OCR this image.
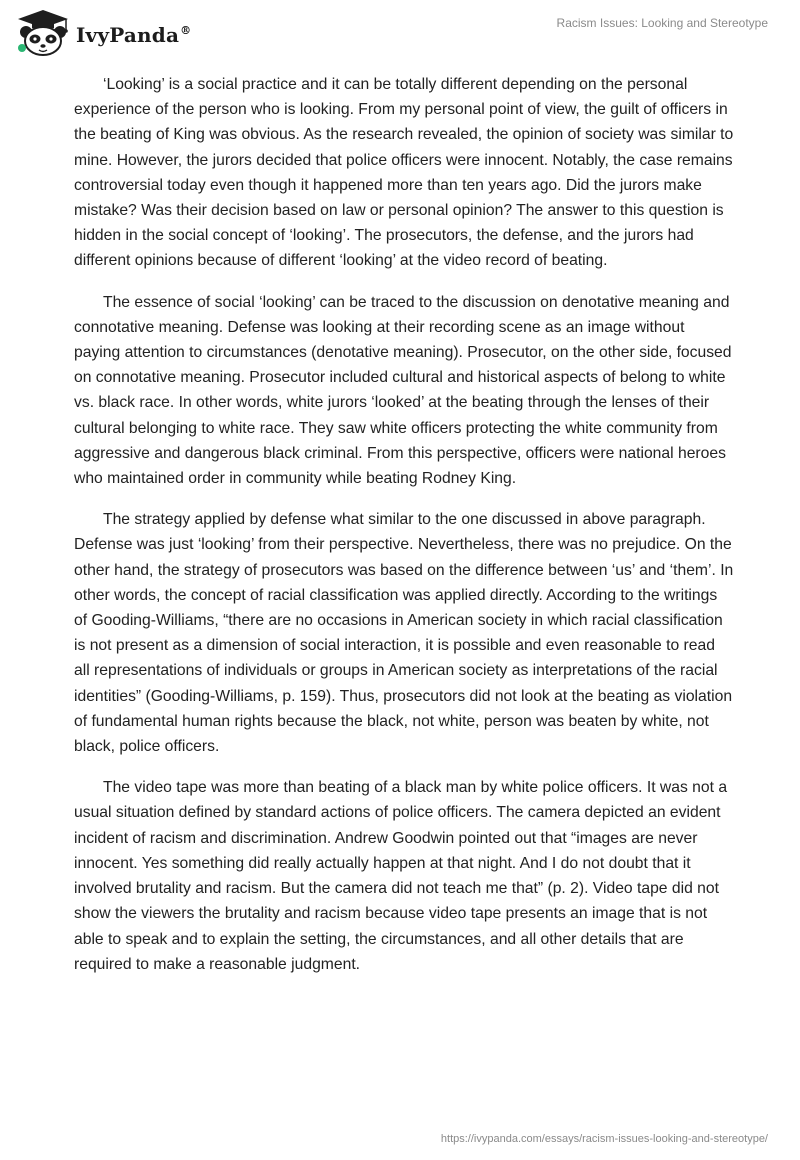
IvyPanda®
Racism Issues: Looking and Stereotype

‘Looking’ is a social practice and it can be totally different depending on the personal experience of the person who is looking. From my personal point of view, the guilt of officers in the beating of King was obvious. As the research revealed, the opinion of society was similar to mine. However, the jurors decided that police officers were innocent. Notably, the case remains controversial today even though it happened more than ten years ago. Did the jurors make mistake? Was their decision based on law or personal opinion? The answer to this question is hidden in the social concept of ‘looking’. The prosecutors, the defense, and the jurors had different opinions because of different ‘looking’ at the video record of beating.

The essence of social ‘looking’ can be traced to the discussion on denotative meaning and connotative meaning. Defense was looking at their recording scene as an image without paying attention to circumstances (denotative meaning). Prosecutor, on the other side, focused on connotative meaning. Prosecutor included cultural and historical aspects of belong to white vs. black race. In other words, white jurors ‘looked’ at the beating through the lenses of their cultural belonging to white race. They saw white officers protecting the white community from aggressive and dangerous black criminal. From this perspective, officers were national heroes who maintained order in community while beating Rodney King.

The strategy applied by defense what similar to the one discussed in above paragraph. Defense was just ‘looking’ from their perspective. Nevertheless, there was no prejudice. On the other hand, the strategy of prosecutors was based on the difference between ‘us’ and ‘them’. In other words, the concept of racial classification was applied directly. According to the writings of Gooding-Williams, “there are no occasions in American society in which racial classification is not present as a dimension of social interaction, it is possible and even reasonable to read all representations of individuals or groups in American society as interpretations of the racial identities” (Gooding-Williams, p. 159). Thus, prosecutors did not look at the beating as violation of fundamental human rights because the black, not white, person was beaten by white, not black, police officers.

The video tape was more than beating of a black man by white police officers. It was not a usual situation defined by standard actions of police officers. The camera depicted an evident incident of racism and discrimination. Andrew Goodwin pointed out that “images are never innocent. Yes something did really actually happen at that night. And I do not doubt that it involved brutality and racism. But the camera did not teach me that” (p. 2). Video tape did not show the viewers the brutality and racism because video tape presents an image that is not able to speak and to explain the setting, the circumstances, and all other details that are required to make a reasonable judgment.

https://ivypanda.com/essays/racism-issues-looking-and-stereotype/
